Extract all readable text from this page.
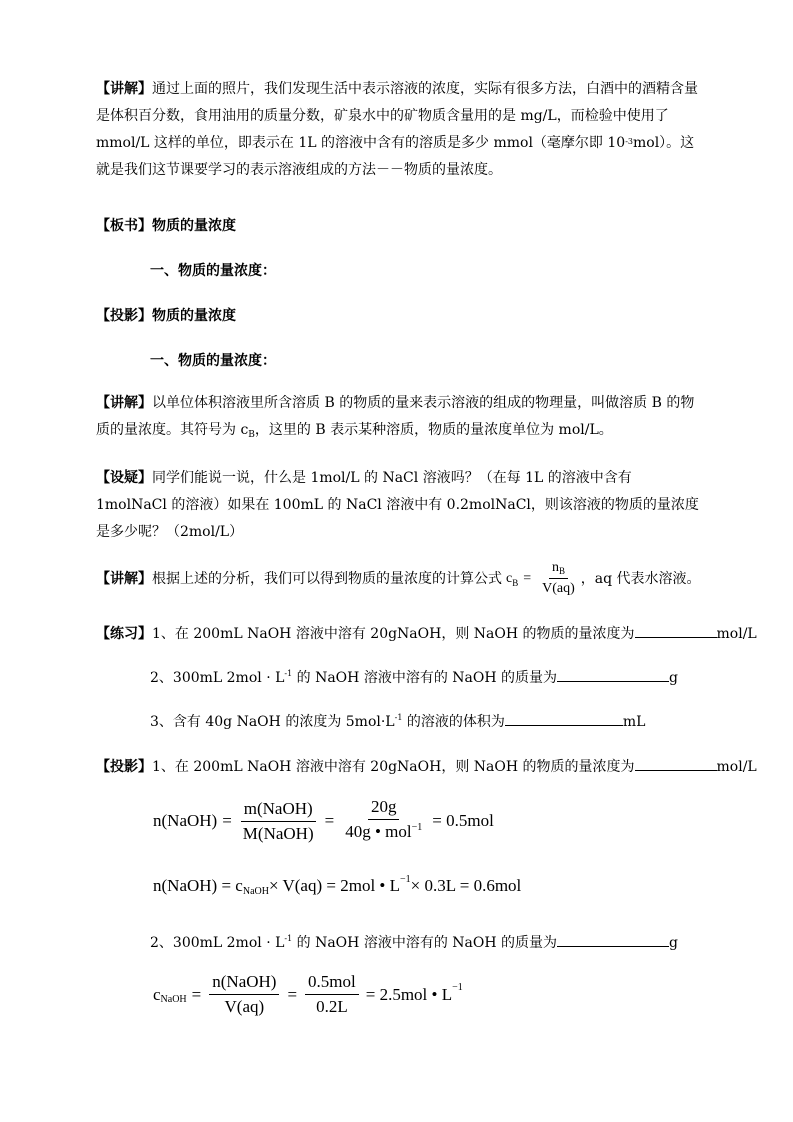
【讲解】通过上面的照片，我们发现生活中表示溶液的浓度，实际有很多方法，白酒中的酒精含量是体积百分数，食用油用的质量分数，矿泉水中的矿物质含量用的是 mg/L，而检验中使用了 mmol/L 这样的单位，即表示在 1L 的溶液中含有的溶质是多少 mmol（毫摩尔即 $10^{-3}mol$）。这就是我们这节课要学习的表示溶液组成的方法－－物质的量浓度。
【板书】物质的量浓度
一、物质的量浓度：
【投影】物质的量浓度
一、物质的量浓度：
【讲解】以单位体积溶液里所含溶质 B 的物质的量来表示溶液的组成的物理量，叫做溶质 B 的物质的量浓度。其符号为 $c_B$，这里的 B 表示某种溶质，物质的量浓度单位为 mol/L。
【设疑】同学们能说一说，什么是 1mol/L 的 NaCl 溶液吗？（在每 1L 的溶液中含有 1molNaCl 的溶液）如果在 100mL 的 NaCl 溶液中有 0.2molNaCl，则该溶液的物质的量浓度是多少呢？（2mol/L）
【讲解】 根据上述的分析，我们可以得到物质的量浓度的计算公式 c $B = \frac{n_B}{V(aq)}$ ，aq 代表水溶液。
【练习】1、在 200mL NaOH 溶液中溶有 20gNaOH，则 NaOH 的物质的量浓度为	mol/L
2、300mL $2mol \cdot L^{-1}$ 的 NaOH 溶液中溶有的 NaOH 的质量为	g
3、含有 40g NaOH 的浓度为 $5mol\cdot L^{-1}$ 的溶液的体积为	mL
【投影】1、在 200mL NaOH 溶液中溶有 20gNaOH，则 NaOH 的物质的量浓度为	mol/L
n(NaOH) = $\frac{\text{m(NaOH)}}{\text{M(NaOH)}} = \frac{20g}{40g • mol^{-1}} = 0.5mol$
n(NaOH) = c NaOH × V(aq) = 2mol • L −1 × 0.3L = 0.6mol
2、300mL $2mol \cdot L^{-1}$ 的 NaOH 溶液中溶有的 NaOH 的质量为	g
c NaOH = $\frac{\text{n(NaOH)}}{V(aq)} = \frac{\text{0.5mol}}{0.2L} = 2.5mol$ • L −1
